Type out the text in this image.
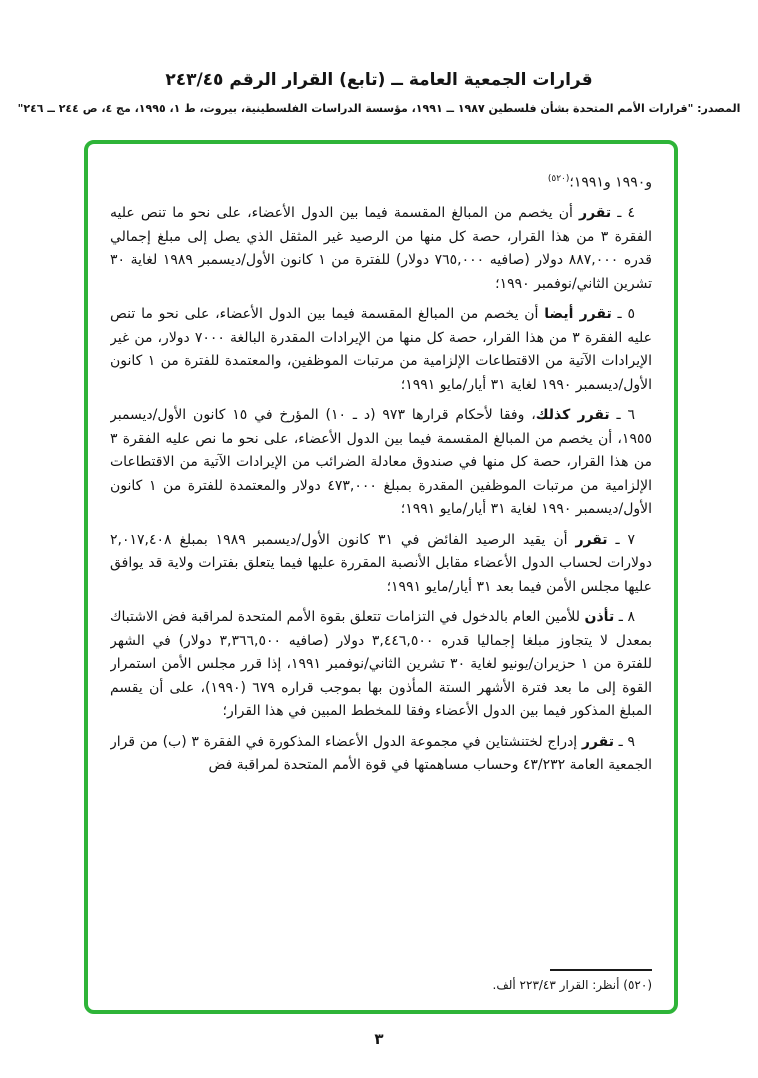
قرارات الجمعية العامة ــ (تابع) القرار الرقم ٢٤٣/٤٥
المصدر: "قرارات الأمم المتحدة بشأن فلسطين ١٩٨٧ ــ ١٩٩١، مؤسسة الدراسات الفلسطينية، بيروت، ط ١، ١٩٩٥، مج ٤، ص ٢٤٤ ــ ٢٤٦"
و١٩٩٠ و١٩٩١؛$^{(٥٢٠)}$
٤ ـ تقرر أن يخصم من المبالغ المقسمة فيما بين الدول الأعضاء، على نحو ما تنص عليه الفقرة ٣ من هذا القرار، حصة كل منها من الرصيد غير المثقل الذي يصل إلى مبلغ إجمالي قدره ٨٨٧,٠٠٠ دولار (صافيه ٧٦٥,٠٠٠ دولار) للفترة من ١ كانون الأول/ديسمبر ١٩٨٩ لغاية ٣٠ تشرين الثاني/نوفمبر ١٩٩٠؛
٥ ـ تقرر أيضا أن يخصم من المبالغ المقسمة فيما بين الدول الأعضاء، على نحو ما تنص عليه الفقرة ٣ من هذا القرار، حصة كل منها من الإيرادات المقدرة البالغة ٧٠٠٠ دولار، من غير الإيرادات الآتية من الاقتطاعات الإلزامية من مرتبات الموظفين، والمعتمدة للفترة من ١ كانون الأول/ديسمبر ١٩٩٠ لغاية ٣١ أيار/مايو ١٩٩١؛
٦ ـ تقرر كذلك، وفقا لأحكام قرارها ٩٧٣ (د ـ ١٠) المؤرخ في ١٥ كانون الأول/ديسمبر ١٩٥٥، أن يخصم من المبالغ المقسمة فيما بين الدول الأعضاء، على نحو ما نص عليه الفقرة ٣ من هذا القرار، حصة كل منها في صندوق معادلة الضرائب من الإيرادات الآتية من الاقتطاعات الإلزامية من مرتبات الموظفين المقدرة بمبلغ ٤٧٣,٠٠٠ دولار والمعتمدة للفترة من ١ كانون الأول/ديسمبر ١٩٩٠ لغاية ٣١ أيار/مايو ١٩٩١؛
٧ ـ تقرر أن يقيد الرصيد الفائض في ٣١ كانون الأول/ديسمبر ١٩٨٩ بمبلغ ٢,٠١٧,٤٠٨ دولارات لحساب الدول الأعضاء مقابل الأنصبة المقررة عليها فيما يتعلق بفترات ولاية قد يوافق عليها مجلس الأمن فيما بعد ٣١ أيار/مايو ١٩٩١؛
٨ ـ تأذن للأمين العام بالدخول في التزامات تتعلق بقوة الأمم المتحدة لمراقبة فض الاشتباك بمعدل لا يتجاوز مبلغا إجماليا قدره ٣,٤٤٦,٥٠٠ دولار (صافيه ٣,٣٦٦,٥٠٠ دولار) في الشهر للفترة من ١ حزيران/يونيو لغاية ٣٠ تشرين الثاني/نوفمبر ١٩٩١، إذا قرر مجلس الأمن استمرار القوة إلى ما بعد فترة الأشهر الستة المأذون بها بموجب قراره ٦٧٩ (١٩٩٠)، على أن يقسم المبلغ المذكور فيما بين الدول الأعضاء وفقا للمخطط المبين في هذا القرار؛
٩ ـ تقرر إدراج لختنشتاين في مجموعة الدول الأعضاء المذكورة في الفقرة ٣ (ب) من قرار الجمعية العامة ٤٣/٢٣٢ وحساب مساهمتها في قوة الأمم المتحدة لمراقبة فض
(٥٢٠) أنظر: القرار ٢٢٣/٤٣ ألف.
٣
